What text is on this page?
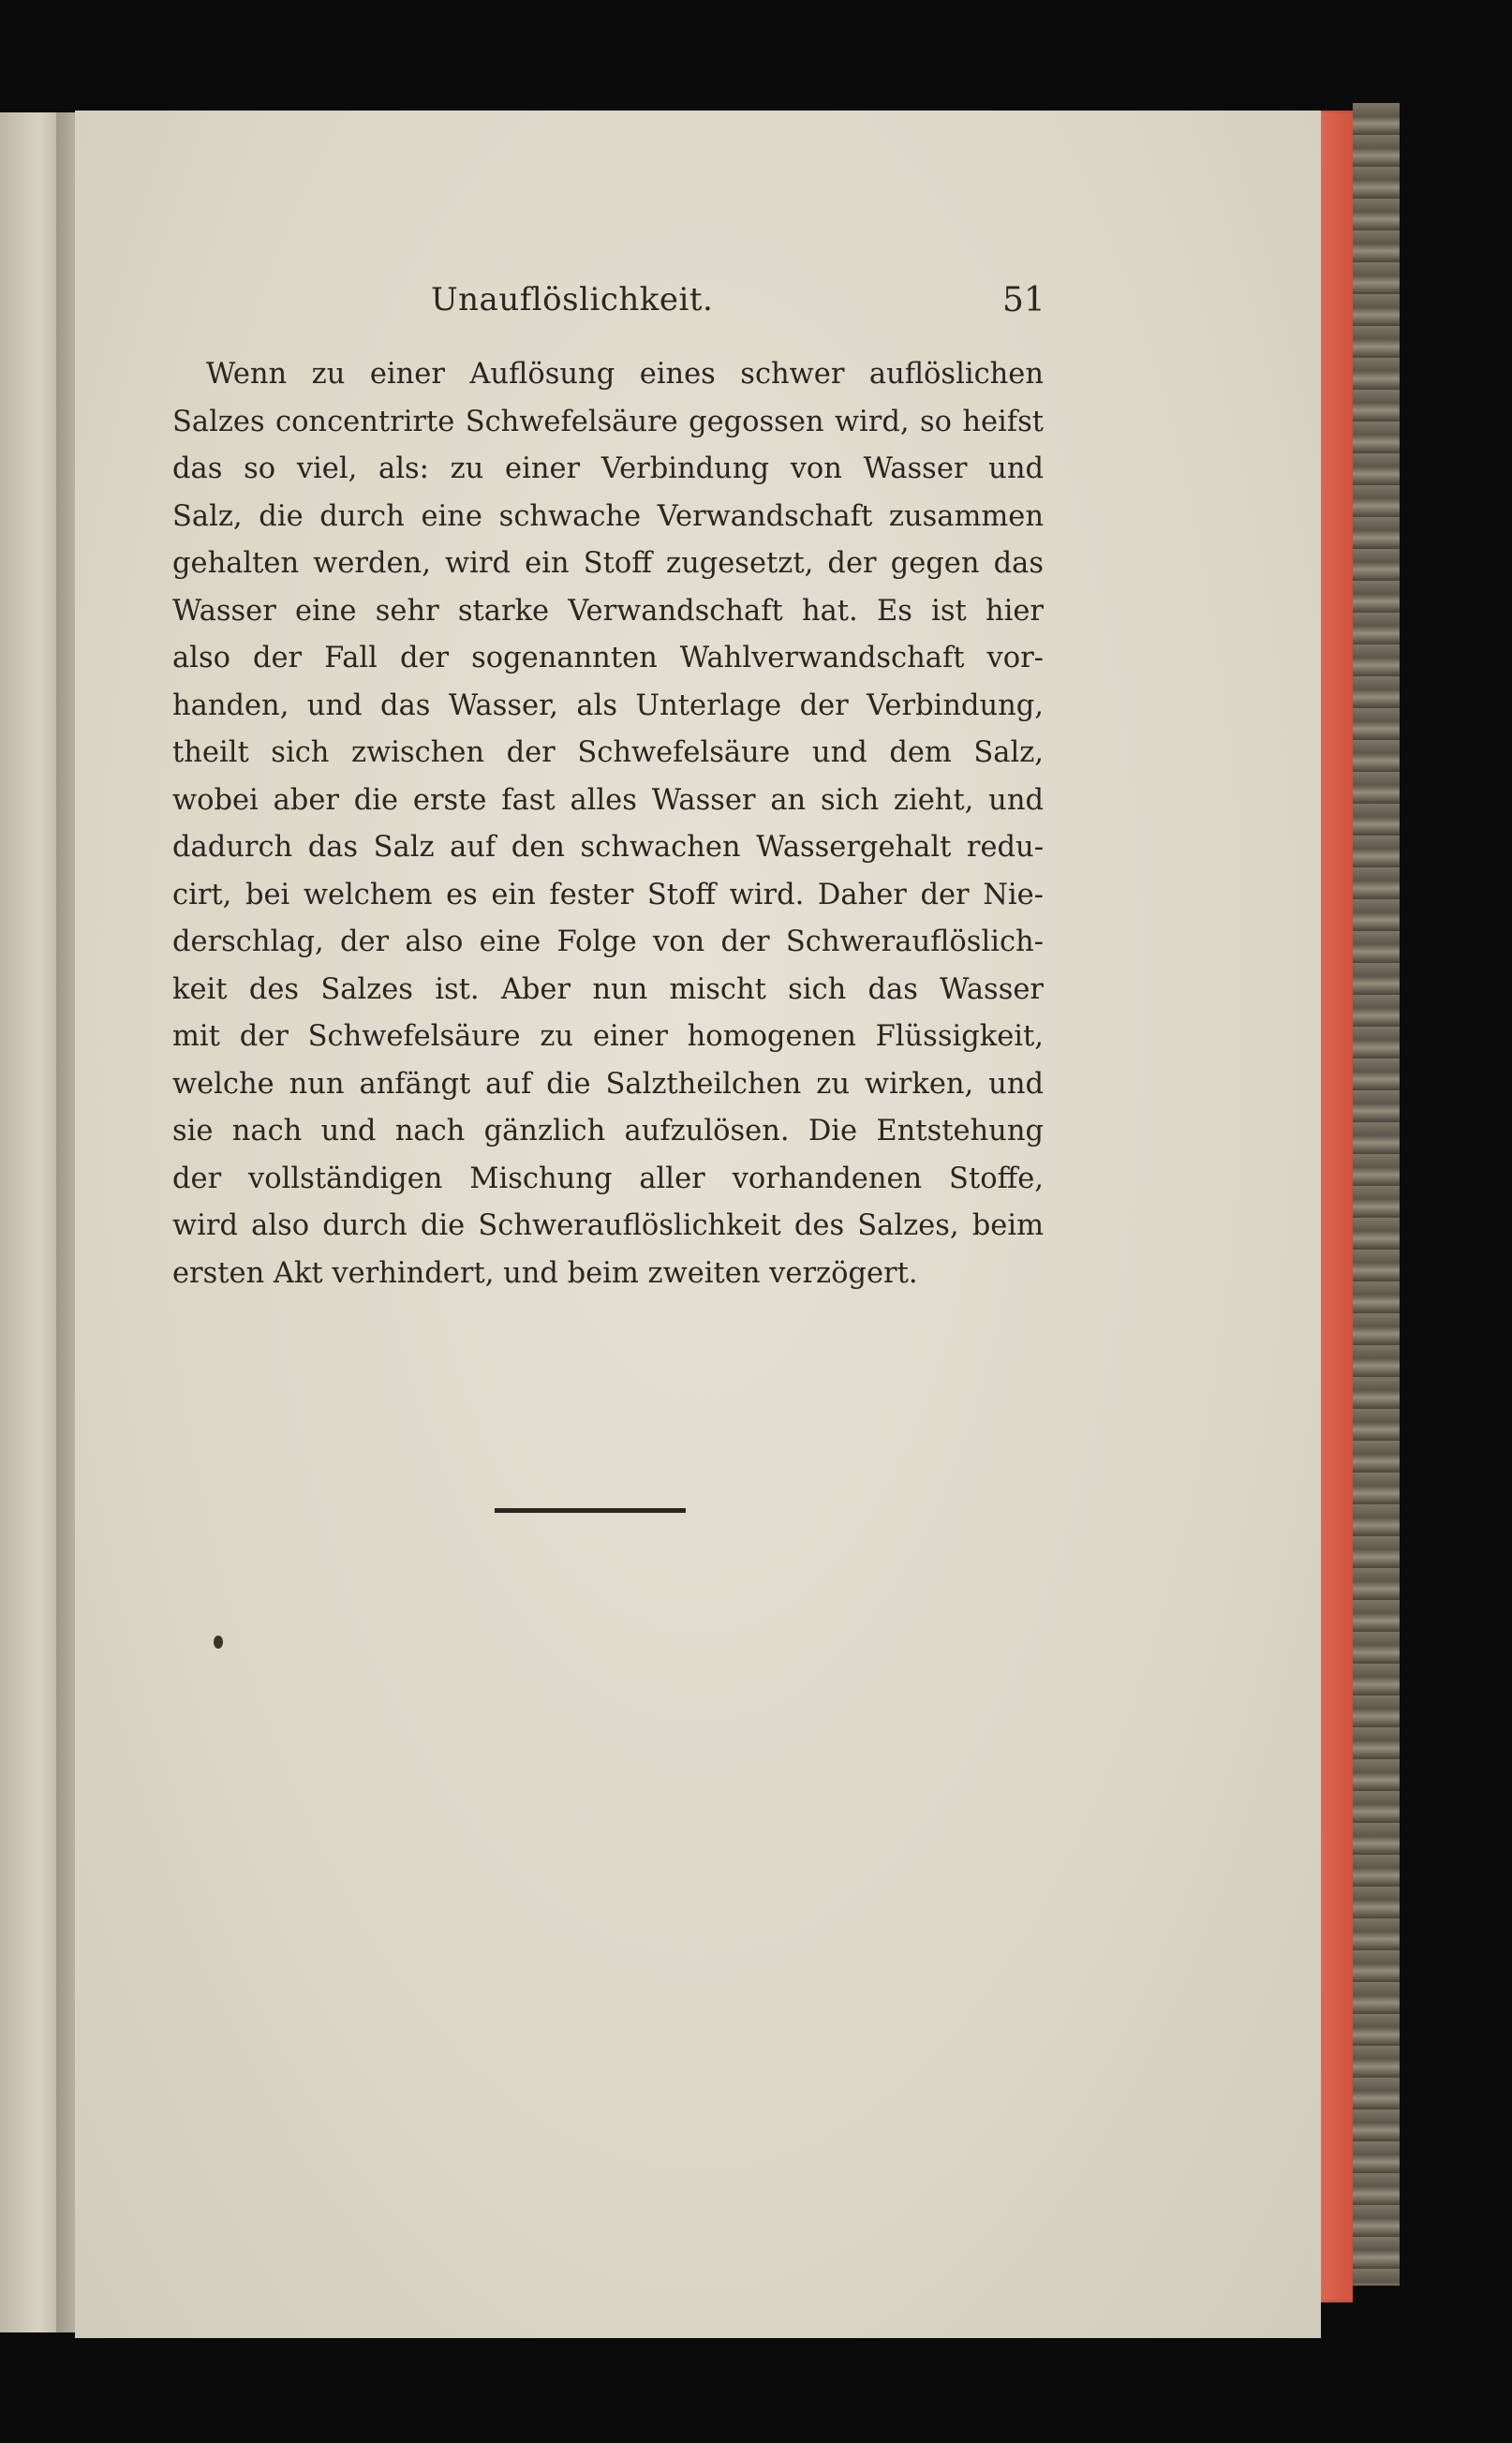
Unauflöslichkeit.	51
Wenn zu einer Auflösung eines schwer auflöslichen
Salzes concentrirte Schwefelsäure gegossen wird, so heifst
das so viel, als: zu einer Verbindung von Wasser und
Salz, die durch eine schwache Verwandschaft zusammen
gehalten werden, wird ein Stoff zugesetzt, der gegen das
Wasser eine sehr starke Verwandschaft hat. Es ist hier
also der Fall der sogenannten Wahlverwandschaft vor-
handen, und das Wasser, als Unterlage der Verbindung,
theilt sich zwischen der Schwefelsäure und dem Salz,
wobei aber die erste fast alles Wasser an sich zieht, und
dadurch das Salz auf den schwachen Wassergehalt redu-
cirt, bei welchem es ein fester Stoff wird. Daher der Nie-
derschlag, der also eine Folge von der Schwerauflöslich-
keit des Salzes ist. Aber nun mischt sich das Wasser
mit der Schwefelsäure zu einer homogenen Flüssigkeit,
welche nun anfängt auf die Salztheilchen zu wirken, und
sie nach und nach gänzlich aufzulösen. Die Entstehung
der vollständigen Mischung aller vorhandenen Stoffe,
wird also durch die Schwerauflöslichkeit des Salzes, beim
ersten Akt verhindert, und beim zweiten verzögert.
